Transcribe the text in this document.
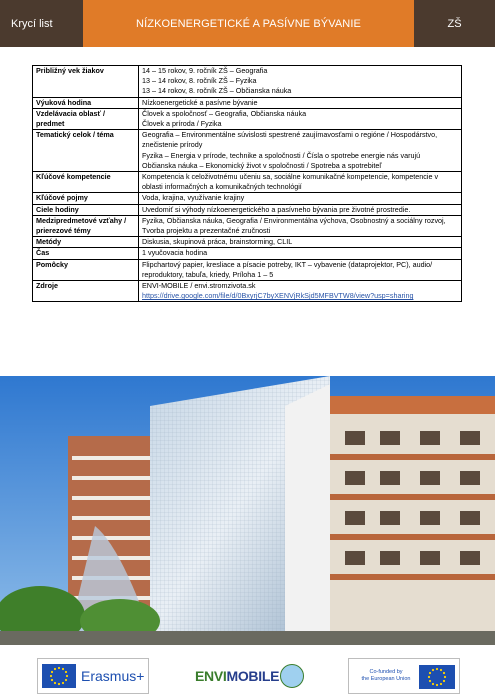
Krycí list	NÍZKOENERGETICKÉ A PASÍVNE BÝVANIE	ZŠ
Približný vek žiakov	14 – 15 rokov, 9. ročník ZŠ – Geografia
13 – 14 rokov, 8. ročník ZŠ – Fyzika
13 – 14 rokov, 8. ročník ZŠ – Občianska náuka

Výuková hodina	Nízkoenergetické a pasívne bývanie

Vzdelávacia oblasť / predmet	Človek a spoločnosť – Geografia, Občianska náuka
Človek a príroda / Fyzika

Tematický celok / téma	Geografia – Environmentálne súvislosti spestrené zaujímavosťami o regióne / Hospodárstvo,
znečistenie prírody
Fyzika – Energia v prírode, technike a spoločnosti / Čísla o spotrebe energie nás varujú
Občianska náuka – Ekonomický život v spoločnosti / Spotreba a spotrebiteľ

Kľúčové kompetencie	Kompetencia k celoživotnému učeniu sa, sociálne komunikačné kompetencie, kompetencie v
oblasti informačných a komunikačných technológií

Kľúčové pojmy	Voda, krajina, využívanie krajiny

Ciele hodiny	Uvedomiť si výhody nízkoenergetického a pasívneho bývania pre životné prostredie.

Medzipredmetové vzťahy / prierezové témy	Fyzika, Občianska náuka, Geografia / Environmentálna výchova, Osobnostný a sociálny rozvoj,
Tvorba projektu a prezentačné zručnosti

Metódy	Diskusia, skupinová práca, brainstorming, CLIL

Čas	1 vyučovacia hodina

Pomôcky	Flipchartový papier, kresliace a písacie potreby, IKT – vybavenie (dataprojektor, PC), audio/
reproduktory, tabuľa, kriedy, Príloha 1 – 5

Zdroje	ENVI-MOBILE / envi.stromzivota.sk
https://drive.google.com/file/d/0BxyrjC7byXENVjRkSjd5MFBVTW8/view?usp=sharing
Erasmus+	ENVIMOBILE	Co-funded by
the European Union
